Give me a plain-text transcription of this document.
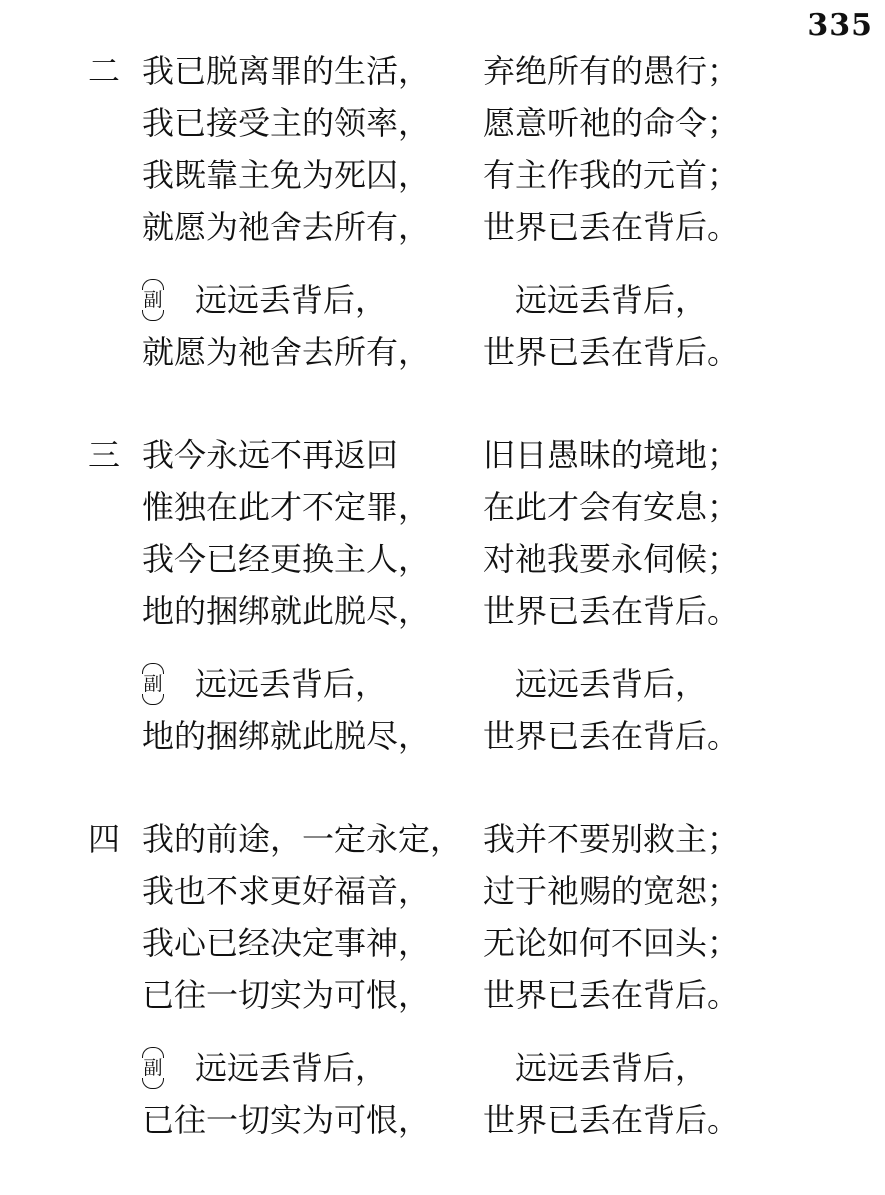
335
二 我已脱离罪的生活， 弃绝所有的愚行；
我已接受主的领率， 愿意听祂的命令；
我既靠主免为死囚， 有主作我的元首；
就愿为祂舍去所有， 世界已丢在背后。
副 远远丢背后，	远远丢背后，
就愿为祂舍去所有， 世界已丢在背后。
三 我今永远不再返回	旧日愚昧的境地；
惟独在此才不定罪， 在此才会有安息；
我今已经更换主人， 对祂我要永伺候；
地的捆绑就此脱尽， 世界已丢在背后。
副 远远丢背后，	远远丢背后，
地的捆绑就此脱尽， 世界已丢在背后。
四 我的前途，一定永定， 我并不要别救主；
我也不求更好福音， 过于祂赐的宽恕；
我心已经决定事神， 无论如何不回头；
已往一切实为可恨， 世界已丢在背后。
副 远远丢背后，	远远丢背后，
已往一切实为可恨， 世界已丢在背后。
